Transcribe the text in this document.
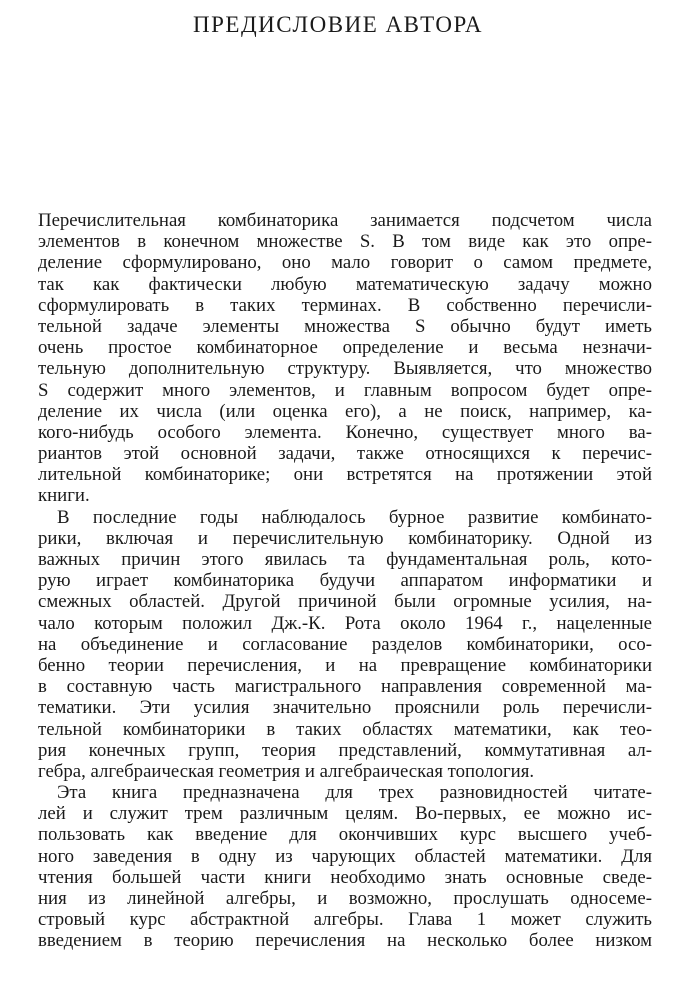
ПРЕДИСЛОВИЕ АВТОРА
Перечислительная комбинаторика занимается подсчетом числа
элементов в конечном множестве S. В том виде как это опре-
деление сформулировано, оно мало говорит о самом предмете,
так как фактически любую математическую задачу можно
сформулировать в таких терминах. В собственно перечисли-
тельной задаче элементы множества S обычно будут иметь
очень простое комбинаторное определение и весьма незначи-
тельную дополнительную структуру. Выявляется, что множество
S содержит много элементов, и главным вопросом будет опре-
деление их числа (или оценка его), а не поиск, например, ка-
кого-нибудь особого элемента. Конечно, существует много ва-
риантов этой основной задачи, также относящихся к перечис-
лительной комбинаторике; они встретятся на протяжении этой
книги.
В последние годы наблюдалось бурное развитие комбинато-
рики, включая и перечислительную комбинаторику. Одной из
важных причин этого явилась та фундаментальная роль, кото-
рую играет комбинаторика будучи аппаратом информатики и
смежных областей. Другой причиной были огромные усилия, на-
чало которым положил Дж.-К. Рота около 1964 г., нацеленные
на объединение и согласование разделов комбинаторики, осо-
бенно теории перечисления, и на превращение комбинаторики
в составную часть магистрального направления современной ма-
тематики. Эти усилия значительно прояснили роль перечисли-
тельной комбинаторики в таких областях математики, как тео-
рия конечных групп, теория представлений, коммутативная ал-
гебра, алгебраическая геометрия и алгебраическая топология.
Эта книга предназначена для трех разновидностей читате-
лей и служит трем различным целям. Во-первых, ее можно ис-
пользовать как введение для окончивших курс высшего учеб-
ного заведения в одну из чарующих областей математики. Для
чтения большей части книги необходимо знать основные сведе-
ния из линейной алгебры, и возможно, прослушать односеме-
стровый курс абстрактной алгебры. Глава 1 может служить
введением в теорию перечисления на несколько более низком
